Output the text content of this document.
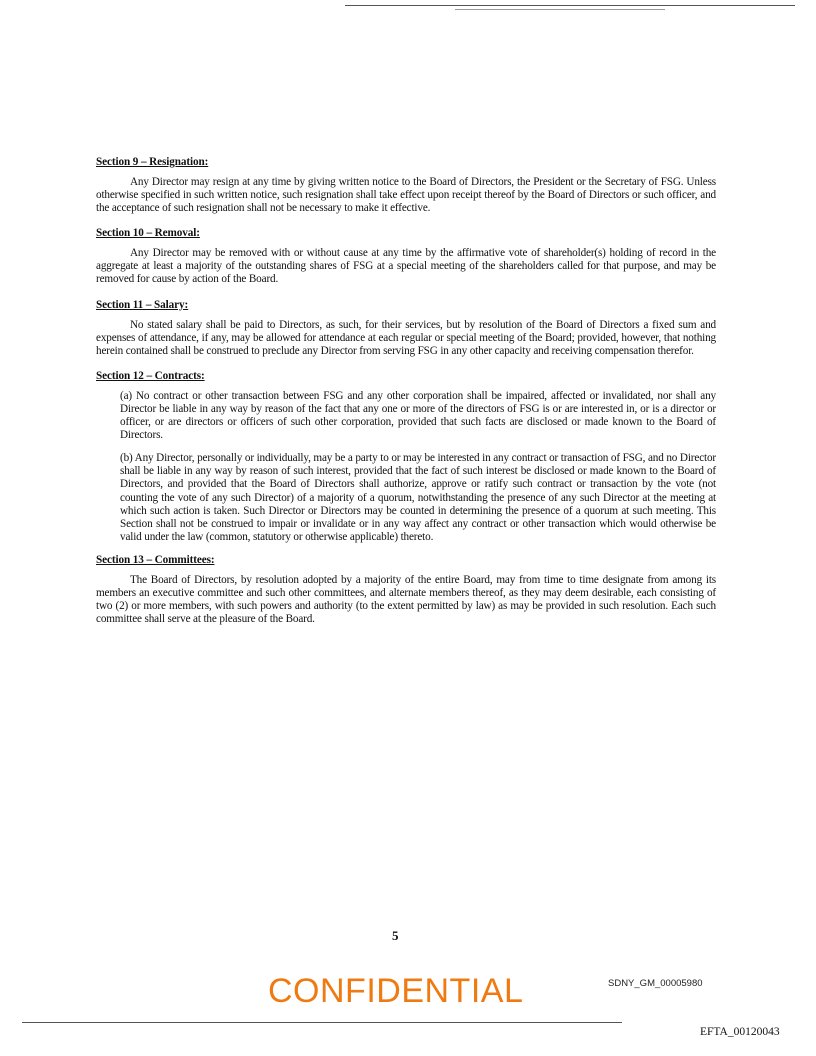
Section 9 – Resignation:

Any Director may resign at any time by giving written notice to the Board of Directors, the President or the Secretary of FSG. Unless otherwise specified in such written notice, such resignation shall take effect upon receipt thereof by the Board of Directors or such officer, and the acceptance of such resignation shall not be necessary to make it effective.

Section 10 – Removal:

Any Director may be removed with or without cause at any time by the affirmative vote of shareholder(s) holding of record in the aggregate at least a majority of the outstanding shares of FSG at a special meeting of the shareholders called for that purpose, and may be removed for cause by action of the Board.

Section 11 – Salary:

No stated salary shall be paid to Directors, as such, for their services, but by resolution of the Board of Directors a fixed sum and expenses of attendance, if any, may be allowed for attendance at each regular or special meeting of the Board; provided, however, that nothing herein contained shall be construed to preclude any Director from serving FSG in any other capacity and receiving compensation therefor.

Section 12 – Contracts:

(a) No contract or other transaction between FSG and any other corporation shall be impaired, affected or invalidated, nor shall any Director be liable in any way by reason of the fact that any one or more of the directors of FSG is or are interested in, or is a director or officer, or are directors or officers of such other corporation, provided that such facts are disclosed or made known to the Board of Directors.

(b) Any Director, personally or individually, may be a party to or may be interested in any contract or transaction of FSG, and no Director shall be liable in any way by reason of such interest, provided that the fact of such interest be disclosed or made known to the Board of Directors, and provided that the Board of Directors shall authorize, approve or ratify such contract or transaction by the vote (not counting the vote of any such Director) of a majority of a quorum, notwithstanding the presence of any such Director at the meeting at which such action is taken. Such Director or Directors may be counted in determining the presence of a quorum at such meeting. This Section shall not be construed to impair or invalidate or in any way affect any contract or other transaction which would otherwise be valid under the law (common, statutory or otherwise applicable) thereto.

Section 13 – Committees:

The Board of Directors, by resolution adopted by a majority of the entire Board, may from time to time designate from among its members an executive committee and such other committees, and alternate members thereof, as they may deem desirable, each consisting of two (2) or more members, with such powers and authority (to the extent permitted by law) as may be provided in such resolution. Each such committee shall serve at the pleasure of the Board.

5
CONFIDENTIAL	SDNY_GM_00005980
EFTA_00120043
